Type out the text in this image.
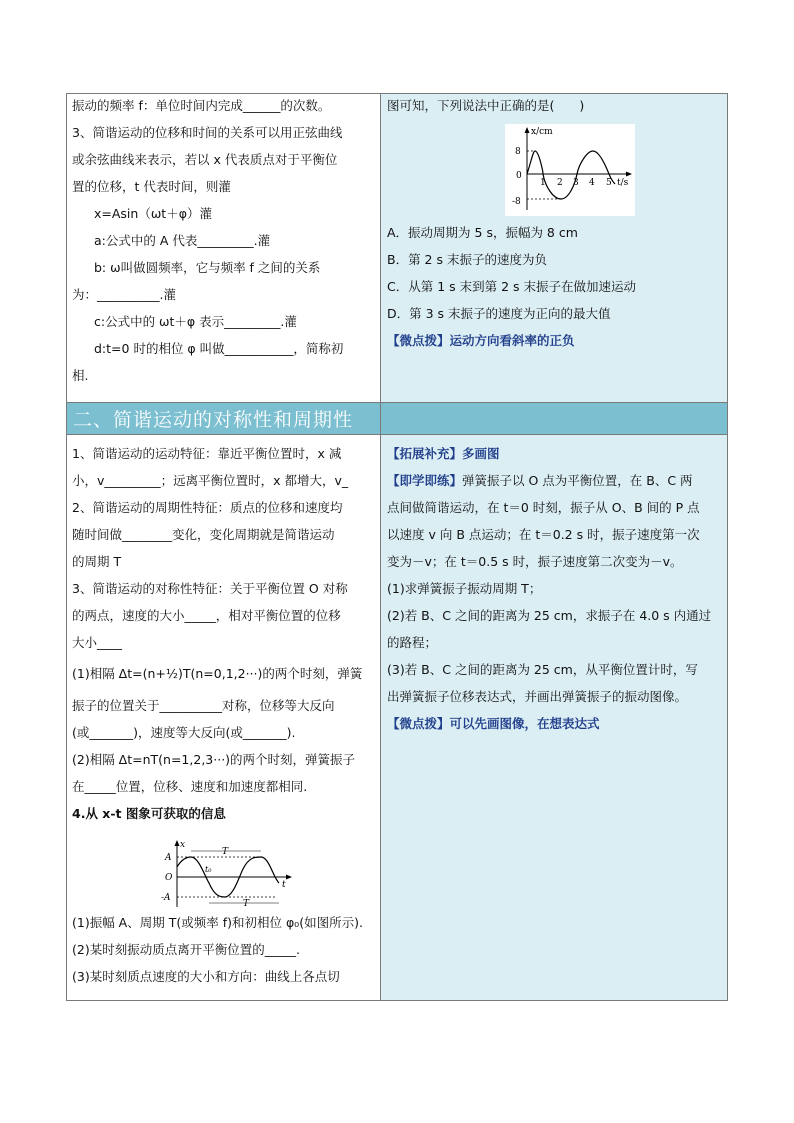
二、简谐运动的对称性和周期性

振动的频率 f：单位时间内完成______的次数。

3、简谐运动的位移和时间的关系可以用正弦曲线

或余弦曲线来表示，若以 x 代表质点对于平衡位

置的位移，t 代表时间，则灌

x=Asin（ωt＋φ）灌

a:公式中的 A 代表_________.灌

b: ω叫做圆频率，它与频率 f 之间的关系

为：__________.灌

c:公式中的 ωt＋φ 表示_________.灌

d:t=0 时的相位 φ 叫做___________，简称初

相.

图可知，下列说法中正确的是(　　)

x/cm
t/s
8
0
-8
1 2 3 4 5

A．振动周期为 5 s，振幅为 8 cm

B．第 2 s 末振子的速度为负

C．从第 1 s 末到第 2 s 末振子在做加速运动

D．第 3 s 末振子的速度为正向的最大值

【微点拨】运动方向看斜率的正负

1、简谐运动的运动特征：靠近平衡位置时，x 减

小，v_________；远离平衡位置时，x 都增大，v_

2、简谐运动的周期性特征：质点的位移和速度均

随时间做________变化，变化周期就是简谐运动

的周期 T

3、简谐运动的对称性特征：关于平衡位置 O 对称

的两点，速度的大小_____，相对平衡位置的位移

大小____

(1)相隔 Δt=(n+½)T(n=0,1,2···)的两个时刻，弹簧

振子的位置关于__________对称，位移等大反向

(或_______)，速度等大反向(或_______).

(2)相隔 Δt=nT(n=1,2,3···)的两个时刻，弹簧振子

在_____位置，位移、速度和加速度都相同.

4.从 x-t 图象可获取的信息

x
A
O
-A
T
T
t₀
t

(1)振幅 A、周期 T(或频率 f)和初相位 φ₀(如图所示).

(2)某时刻振动质点离开平衡位置的_____.

(3)某时刻质点速度的大小和方向：曲线上各点切

【拓展补充】多画图

【即学即练】弹簧振子以 O 点为平衡位置，在 B、C 两

点间做简谐运动，在 t＝0 时刻，振子从 O、B 间的 P 点

以速度 v 向 B 点运动；在 t＝0.2 s 时，振子速度第一次

变为－v；在 t＝0.5 s 时，振子速度第二次变为－v。

(1)求弹簧振子振动周期 T；

(2)若 B、C 之间的距离为 25 cm，求振子在 4.0 s 内通过

的路程；

(3)若 B、C 之间的距离为 25 cm，从平衡位置计时，写

出弹簧振子位移表达式，并画出弹簧振子的振动图像。

【微点拨】可以先画图像，在想表达式
